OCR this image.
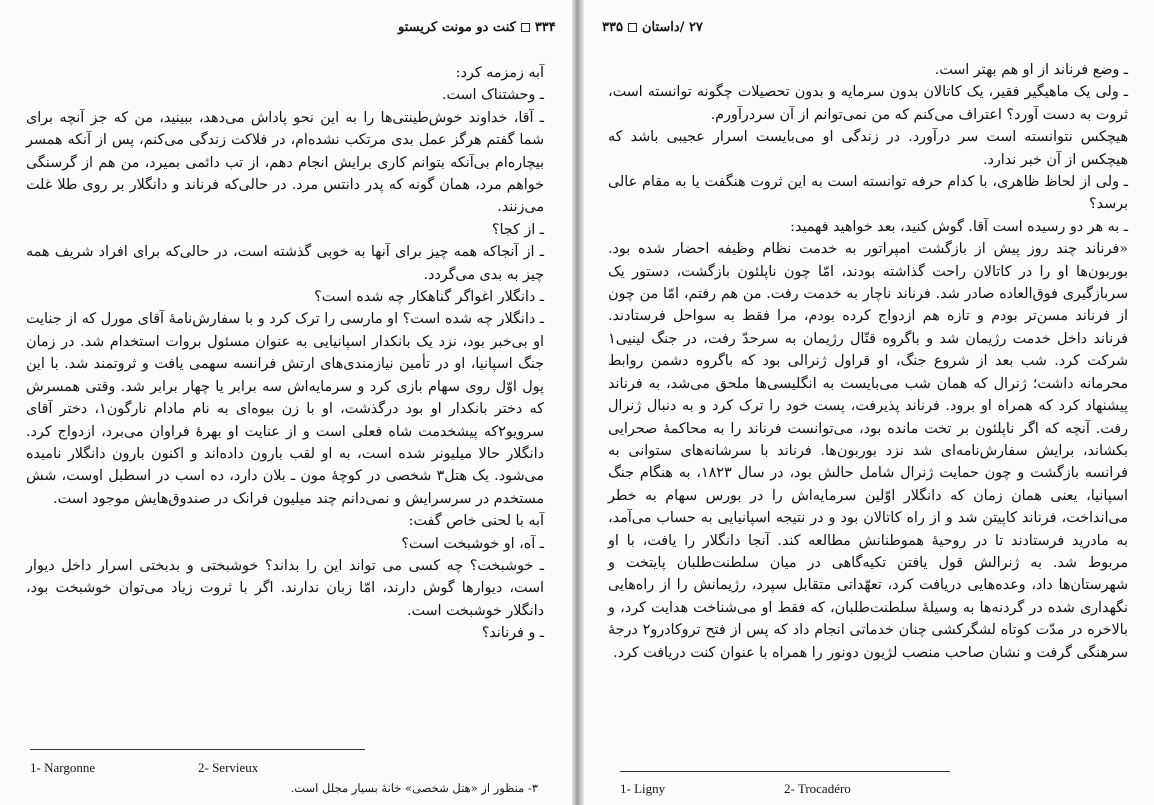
۳۳۴کنت دو مونت کریستو

آبه زمزمه کرد:

ـ وحشتناک است.

ـ آقا، خداوند خوش‌طینتی‌ها را به این نحو پاداش می‌دهد، ببینید، من که جز آنچه برای شما گفتم هرگز عمل بدی مرتکب نشده‌ام، در فلاکت زندگی می‌کنم، پس از آنکه همسر بیچاره‌ام بی‌آنکه بتوانم کاری برایش انجام دهم، از تب دائمی بمیرد، من هم از گرسنگی خواهم مرد، همان گونه که پدر دانتس مرد. در حالی‌که فرناند و دانگلار بر روی طلا غلت می‌زنند.

ـ از کجا؟

ـ از آنجاکه همه چیز برای آنها به خوبی گذشته است، در حالی‌که برای افراد شریف همه چیز به بدی می‌گردد.

ـ دانگلار اغواگر گناهکار چه شده است؟

ـ دانگلار چه شده است؟ او مارسی را ترک کرد و با سفارش‌نامهٔ آقای مورل که از جنایت او بی‌خبر بود، نزد یک بانکدار اسپانیایی به عنوان مسئول بروات استخدام شد. در زمان جنگ اسپانیا، او در تأمین نیازمندی‌های ارتش فرانسه سهمی یافت و ثروتمند شد. با این پول اوّل روی سهام بازی کرد و سرمایه‌اش سه برابر یا چهار برابر شد. وقتی همسرش که دختر بانکدار او بود درگذشت، او با زن بیوه‌ای به نام مادام نارگون۱، دختر آقای سرویو۲که پیشخدمت شاه فعلی است و از عنایت او بهرهٔ فراوان می‌برد، ازدواج کرد. دانگلار حالا میلیونر شده است، به او لقب بارون داده‌اند و اکنون بارون دانگلار نامیده می‌شود. یک هتل۳ شخصی در کوچهٔ مون ـ بلان دارد، ده اسب در اسطبل اوست، شش مستخدم در سرسرایش و نمی‌دانم چند میلیون فرانک در صندوق‌هایش موجود است.

آبه با لحنی خاص گفت:

ـ آه، او خوشبخت است؟

ـ خوشبخت؟ چه کسی می تواند این را بداند؟ خوشبختی و بدبختی اسرار داخل دیوار است، دیوارها گوش دارند، امّا زبان ندارند. اگر با ثروت زیاد می‌توان خوشبخت بود، دانگلار خوشبخت است.

ـ و فرناند؟

1- Nargonne	2- Servieux
۳- منظور از «هتل شخصی» خانهٔ بسیار مجلل است.
۲۷ /داستان۳۳۵

ـ وضع فرناند از او هم بهتر است.

ـ ولی یک ماهیگیر فقیر، یک کاتالان بدون سرمایه و بدون تحصیلات چگونه توانسته است، ثروت به دست آورد؟ اعتراف می‌کنم که من نمی‌توانم از آن سردرآورم.

هیچکس نتوانسته است سر درآورد. در زندگی او می‌بایست اسرار عجیبی باشد که هیچکس از آن خبر ندارد.

ـ ولی از لحاظ ظاهری، با کدام حرفه توانسته است به این ثروت هنگفت یا به مقام عالی برسد؟

ـ به هر دو رسیده است آقا. گوش کنید، بعد خواهید فهمید:

«فرناند چند روز پیش از بازگشت امپراتور به خدمت نظام وظیفه احضار شده بود. بوربون‌ها او را در کاتالان راحت گذاشته بودند، امّا چون ناپلئون بازگشت، دستور یک سربازگیری فوق‌العاده صادر شد. فرناند ناچار به خدمت رفت. من هم رفتم، امّا من چون از فرناند مسن‌تر بودم و تازه هم ازدواج کرده بودم، مرا فقط به سواحل فرستادند. فرناند داخل خدمت رژیمان شد و باگروه قتّال رژیمان به سرحدّ رفت، در جنگ لینیی۱ شرکت کرد. شب بعد از شروع جنگ، او قراول ژنرالی بود که باگروه دشمن روابط محرمانه داشت؛ ژنرال که همان شب می‌بایست به انگلیسی‌ها ملحق می‌شد، به فرناند پیشنهاد کرد که همراه او برود. فرناند پذیرفت، پست خود را ترک کرد و به دنبال ژنرال رفت. آنچه که اگر ناپلئون بر تخت مانده بود، می‌توانست فرناند را به محاکمهٔ صحرایی بکشاند، برایش سفارش‌نامه‌ای شد نزد بوربون‌ها. فرناند با سرشانه‌های ستوانی به فرانسه بازگشت و چون حمایت ژنرال شامل حالش بود، در سال ۱۸۲۳، به هنگام جنگ اسپانیا، یعنی همان زمان که دانگلار اوّلین سرمایه‌اش را در بورس سهام به خطر می‌انداخت، فرناند کاپیتن شد و از راه کاتالان بود و در نتیجه اسپانیایی به حساب می‌آمد، به مادرید فرستادند تا در روحیهٔ هموطنانش مطالعه کند. آنجا دانگلار را یافت، با او مربوط شد. به ژنرالش قول یافتن تکیه‌گاهی در میان سلطنت‌طلبان پایتخت و شهرستان‌ها داد، وعده‌هایی دریافت کرد، تعهّداتی متقابل سپرد، رژیمانش را از راه‌هایی نگهداری شده در گردنه‌ها به وسیلهٔ سلطنت‌طلبان، که فقط او می‌شناخت هدایت کرد، و بالاخره در مدّت کوتاه لشگرکشی چنان خدماتی انجام داد که پس از فتح تروکادرو۲ درجهٔ سرهنگی گرفت و نشان صاحب منصب لژیون دونور را همراه با عنوان کنت دریافت کرد.

1- Ligny	2- Trocadéro
